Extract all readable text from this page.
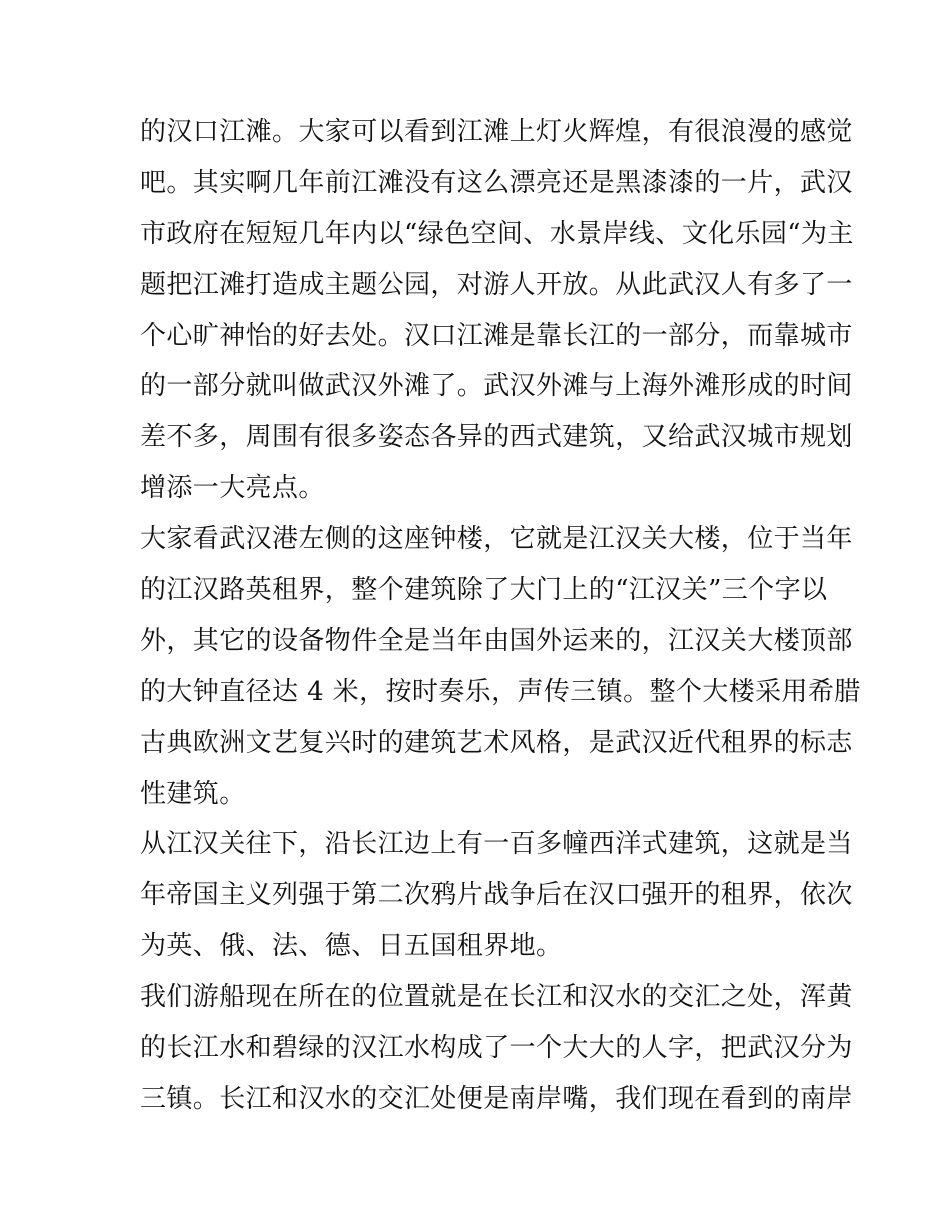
的汉口江滩。大家可以看到江滩上灯火辉煌，有很浪漫的感觉
吧。其实啊几年前江滩没有这么漂亮还是黑漆漆的一片，武汉
市政府在短短几年内以“绿色空间、水景岸线、文化乐园“为主
题把江滩打造成主题公园，对游人开放。从此武汉人有多了一
个心旷神怡的好去处。汉口江滩是靠长江的一部分，而靠城市
的一部分就叫做武汉外滩了。武汉外滩与上海外滩形成的时间
差不多，周围有很多姿态各异的西式建筑，又给武汉城市规划
增添一大亮点。
大家看武汉港左侧的这座钟楼，它就是江汉关大楼，位于当年
的江汉路英租界，整个建筑除了大门上的“江汉关”三个字以
外，其它的设备物件全是当年由国外运来的，江汉关大楼顶部
的大钟直径达 4 米，按时奏乐，声传三镇。整个大楼采用希腊
古典欧洲文艺复兴时的建筑艺术风格，是武汉近代租界的标志
性建筑。
从江汉关往下，沿长江边上有一百多幢西洋式建筑，这就是当
年帝国主义列强于第二次鸦片战争后在汉口强开的租界，依次
为英、俄、法、德、日五国租界地。
我们游船现在所在的位置就是在长江和汉水的交汇之处，浑黄
的长江水和碧绿的汉江水构成了一个大大的人字，把武汉分为
三镇。长江和汉水的交汇处便是南岸嘴，我们现在看到的南岸
